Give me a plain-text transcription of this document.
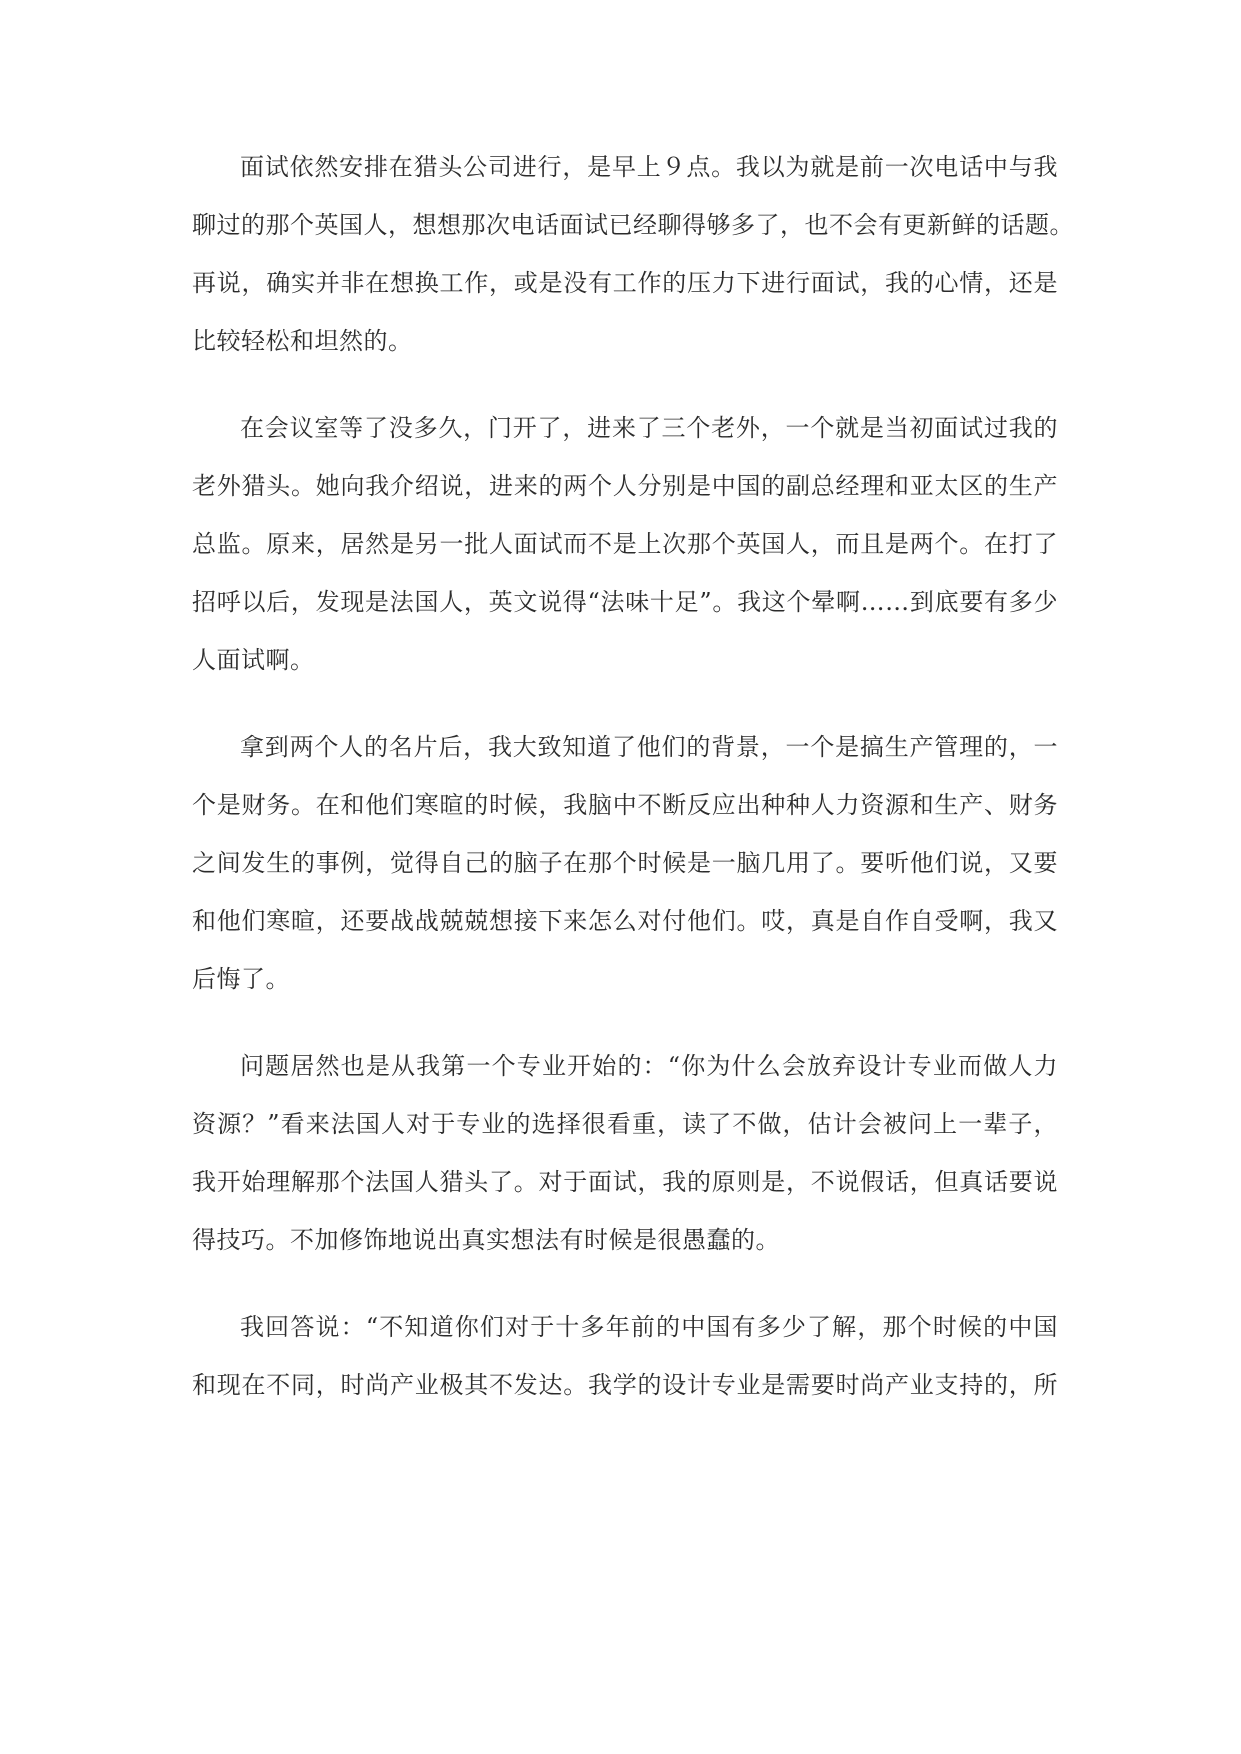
面试依然安排在猎头公司进行，是早上９点。我以为就是前一次电话中与我
聊过的那个英国人，想想那次电话面试已经聊得够多了，也不会有更新鲜的话题。
再说，确实并非在想换工作，或是没有工作的压力下进行面试，我的心情，还是
比较轻松和坦然的。
在会议室等了没多久，门开了，进来了三个老外，一个就是当初面试过我的
老外猎头。她向我介绍说，进来的两个人分别是中国的副总经理和亚太区的生产
总监。原来，居然是另一批人面试而不是上次那个英国人，而且是两个。在打了
招呼以后，发现是法国人，英文说得“法味十足”。我这个晕啊……到底要有多少
人面试啊。
拿到两个人的名片后，我大致知道了他们的背景，一个是搞生产管理的，一
个是财务。在和他们寒暄的时候，我脑中不断反应出种种人力资源和生产、财务
之间发生的事例，觉得自己的脑子在那个时候是一脑几用了。要听他们说，又要
和他们寒暄，还要战战兢兢想接下来怎么对付他们。哎，真是自作自受啊，我又
后悔了。
问题居然也是从我第一个专业开始的：“你为什么会放弃设计专业而做人力
资源？”看来法国人对于专业的选择很看重，读了不做，估计会被问上一辈子，
我开始理解那个法国人猎头了。对于面试，我的原则是，不说假话，但真话要说
得技巧。不加修饰地说出真实想法有时候是很愚蠢的。
我回答说：“不知道你们对于十多年前的中国有多少了解，那个时候的中国
和现在不同，时尚产业极其不发达。我学的设计专业是需要时尚产业支持的，所
